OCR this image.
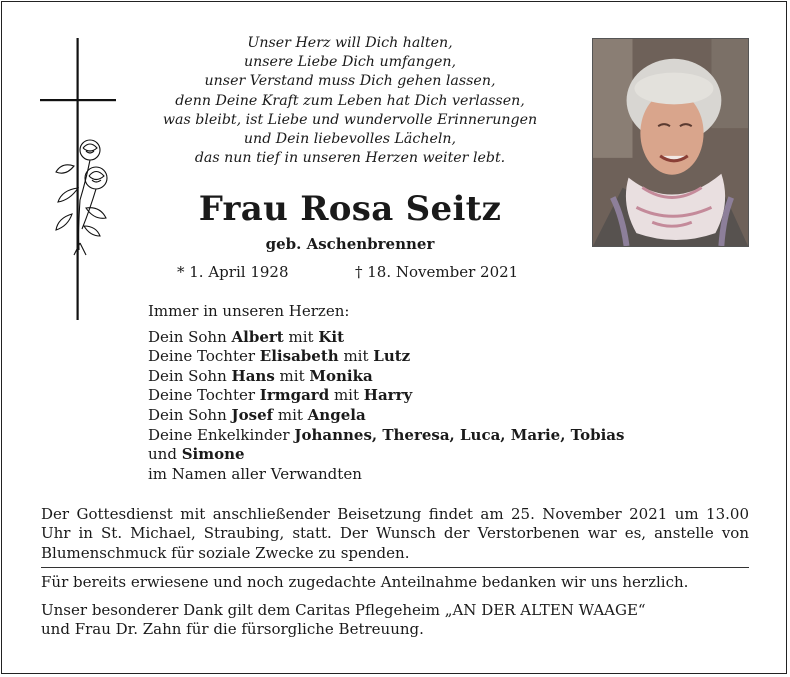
Unser Herz will Dich halten,
unsere Liebe Dich umfangen,
unser Verstand muss Dich gehen lassen,
denn Deine Kraft zum Leben hat Dich verlassen,
was bleibt, ist Liebe und wundervolle Erinnerungen
und Dein liebevolles Lächeln,
das nun tief in unseren Herzen weiter lebt.
Frau Rosa Seitz
geb. Aschenbrenner
* 1. April 1928	† 18. November 2021
Immer in unseren Herzen:
Dein Sohn Albert mit Kit
Deine Tochter Elisabeth mit Lutz
Dein Sohn Hans mit Monika
Deine Tochter Irmgard mit Harry
Dein Sohn Josef mit Angela
Deine Enkelkinder Johannes, Theresa, Luca, Marie, Tobias
und Simone
im Namen aller Verwandten
Der Gottesdienst mit anschließender Beisetzung findet am 25. November 2021 um 13.00 Uhr in St. Michael, Straubing, statt. Der Wunsch der Verstorbenen war es, anstelle von Blumenschmuck für soziale Zwecke zu spenden.
Für bereits erwiesene und noch zugedachte Anteilnahme bedanken wir uns herzlich.
Unser besonderer Dank gilt dem Caritas Pflegeheim „AN DER ALTEN WAAGE“
und Frau Dr. Zahn für die fürsorgliche Betreuung.
